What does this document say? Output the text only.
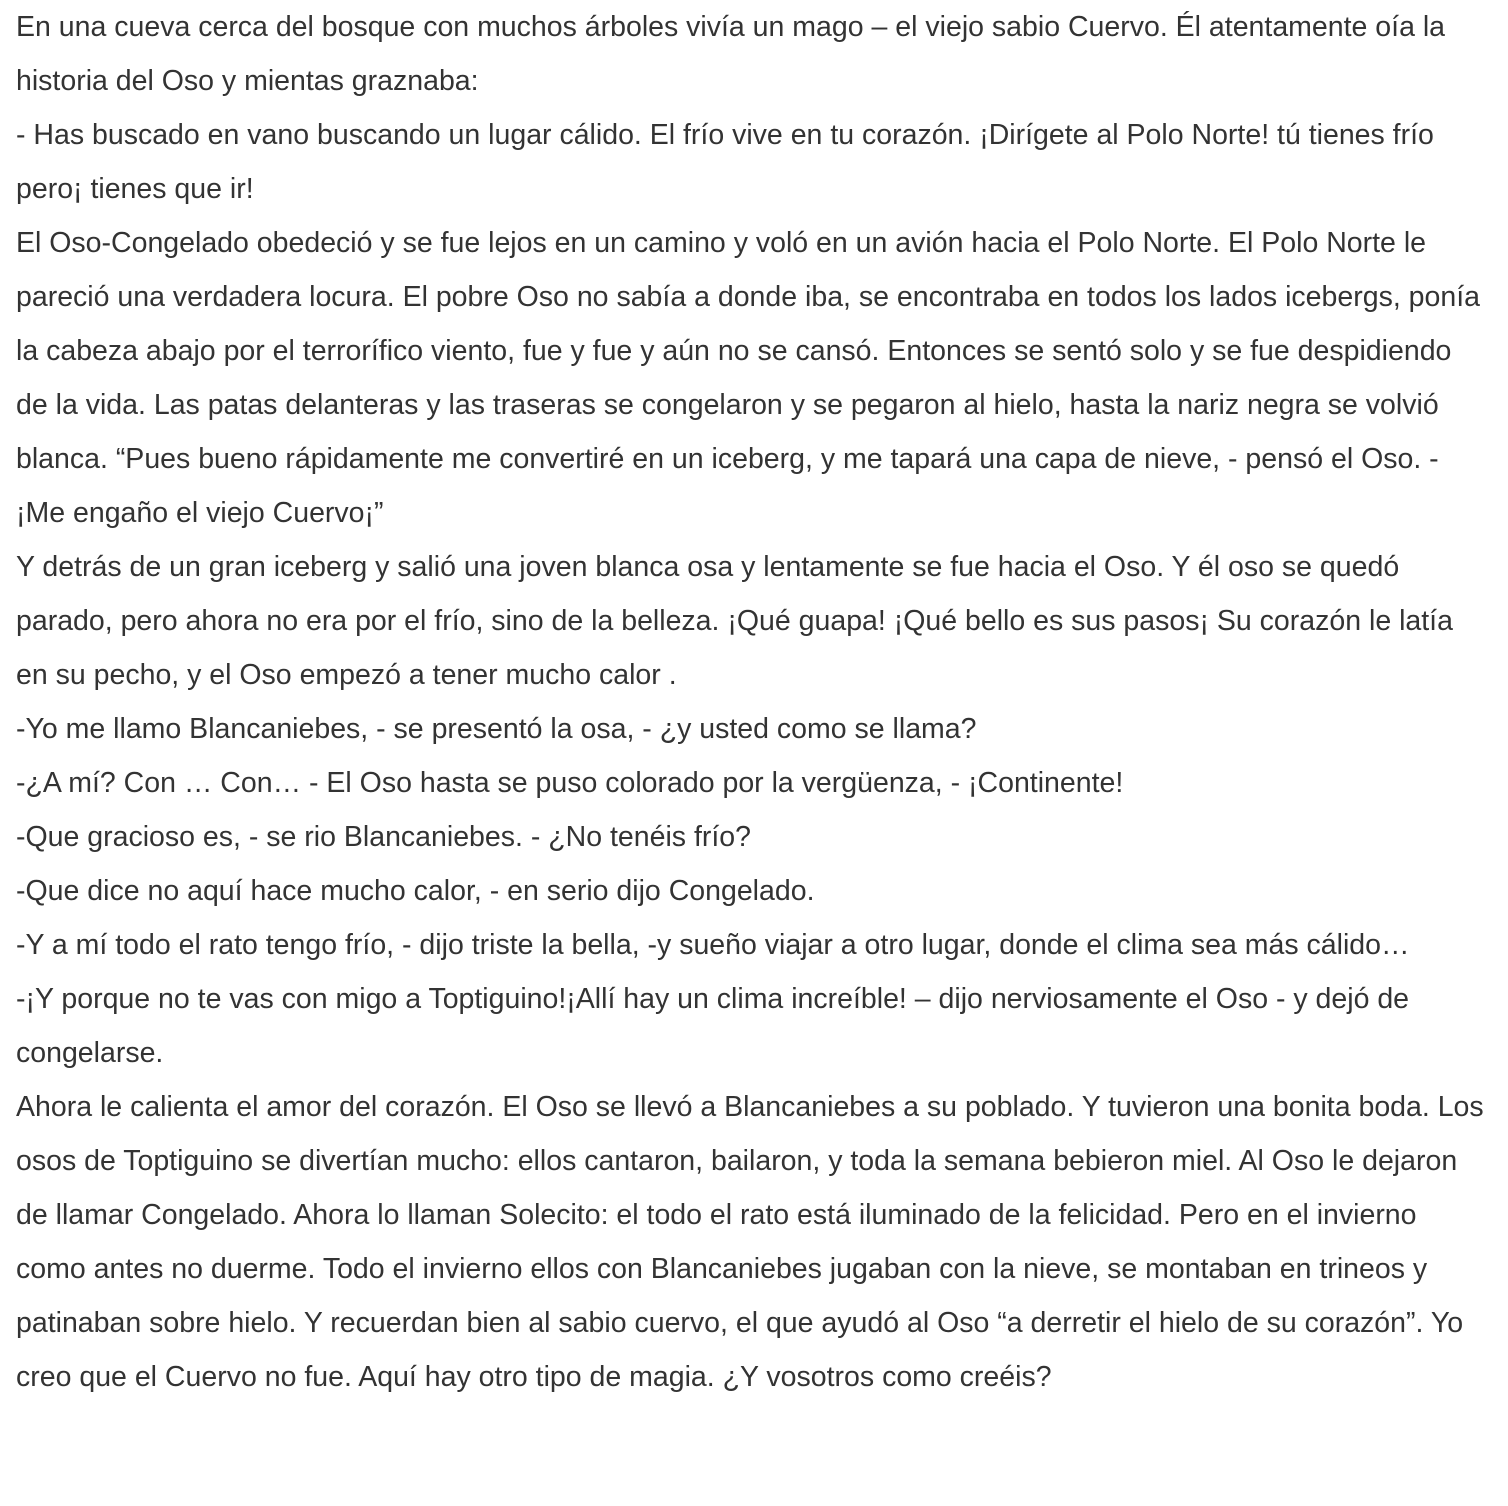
En una cueva cerca del bosque con muchos árboles vivía un mago – el viejo sabio Cuervo. Él atentamente oía la historia del Oso y mientas graznaba:

- Has buscado en vano buscando un lugar cálido. El frío vive en tu corazón. ¡Dirígete al Polo Norte! tú tienes frío pero¡ tienes que ir!

El Oso-Congelado obedeció y se fue lejos en un camino y voló en un avión hacia el Polo Norte. El Polo Norte le pareció una verdadera locura. El pobre Oso no sabía a donde iba, se encontraba en todos los lados icebergs, ponía la cabeza abajo por el terrorífico viento, fue y fue y aún no se cansó. Entonces se sentó solo y se fue despidiendo de la vida. Las patas delanteras y las traseras se congelaron y se pegaron al hielo, hasta la nariz negra se volvió blanca. “Pues bueno rápidamente me convertiré en un iceberg, y me tapará una capa de nieve, - pensó el Oso. - ¡Me engaño el viejo Cuervo¡”

Y detrás de un gran iceberg y salió una joven blanca osa y lentamente se fue hacia el Oso. Y él oso se quedó parado, pero ahora no era por el frío, sino de la belleza. ¡Qué guapa! ¡Qué bello es sus pasos¡ Su corazón le latía en su pecho, y el Oso empezó a tener mucho calor .

-Yo me llamo Blancaniebes, - se presentó la osa, - ¿y usted como se llama?

-¿A mí? Con … Con… - El Oso hasta se puso colorado por la vergüenza, - ¡Continente!

-Que gracioso es, - se rio Blancaniebes. - ¿No tenéis frío?

-Que dice no aquí hace mucho calor, - en serio dijo Congelado.

-Y a mí todo el rato tengo frío, - dijo triste la bella, -y sueño viajar a otro lugar, donde el clima sea más cálido…

-¡Y porque no te vas con migo a Toptiguino!¡Allí hay un clima increíble! – dijo nerviosamente el Oso - y dejó de congelarse.

Ahora le calienta el amor del corazón. El Oso se llevó a Blancaniebes a su poblado. Y tuvieron una bonita boda. Los osos de Toptiguino se divertían mucho: ellos cantaron, bailaron, y toda la semana bebieron miel. Al Oso le dejaron de llamar Congelado. Ahora lo llaman Solecito: el todo el rato está iluminado de la felicidad. Pero en el invierno como antes no duerme. Todo el invierno ellos con Blancaniebes jugaban con la nieve, se montaban en trineos y patinaban sobre hielo. Y recuerdan bien al sabio cuervo, el que ayudó al Oso “a derretir el hielo de su corazón”. Yo creo que el Cuervo no fue. Aquí hay otro tipo de magia. ¿Y vosotros como creéis?
